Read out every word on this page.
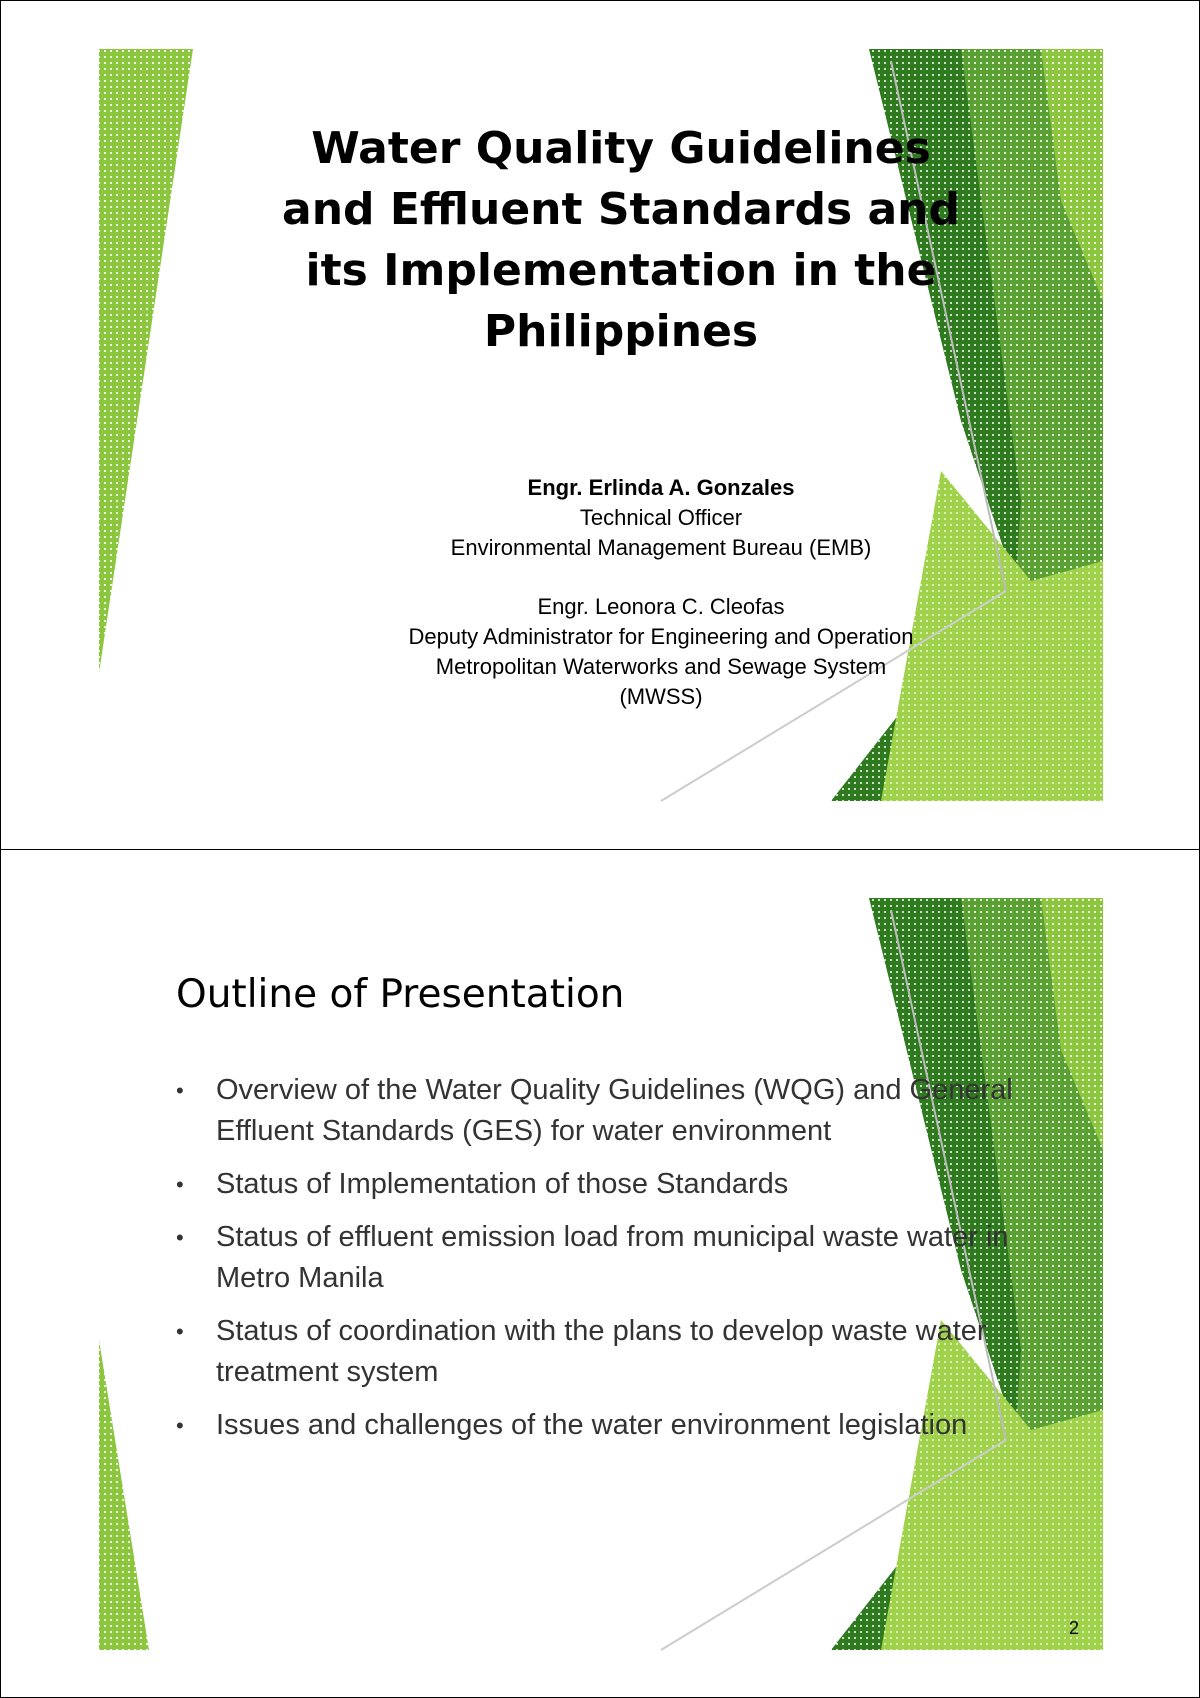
Water Quality Guidelines
and Effluent Standards and
its Implementation in the
Philippines
Engr. Erlinda A. Gonzales
Technical Officer
Environmental Management Bureau (EMB)
Engr. Leonora C. Cleofas
Deputy Administrator for Engineering and Operation
Metropolitan Waterworks and Sewage System
(MWSS)
Outline of Presentation
•	Overview of the Water Quality Guidelines (WQG) and General Effluent Standards (GES) for water environment
•	Status of Implementation of those Standards
•	Status of effluent emission load from municipal waste water in Metro Manila
•	Status of coordination with the plans to develop waste water treatment system
•	Issues and challenges of the water environment legislation
2
